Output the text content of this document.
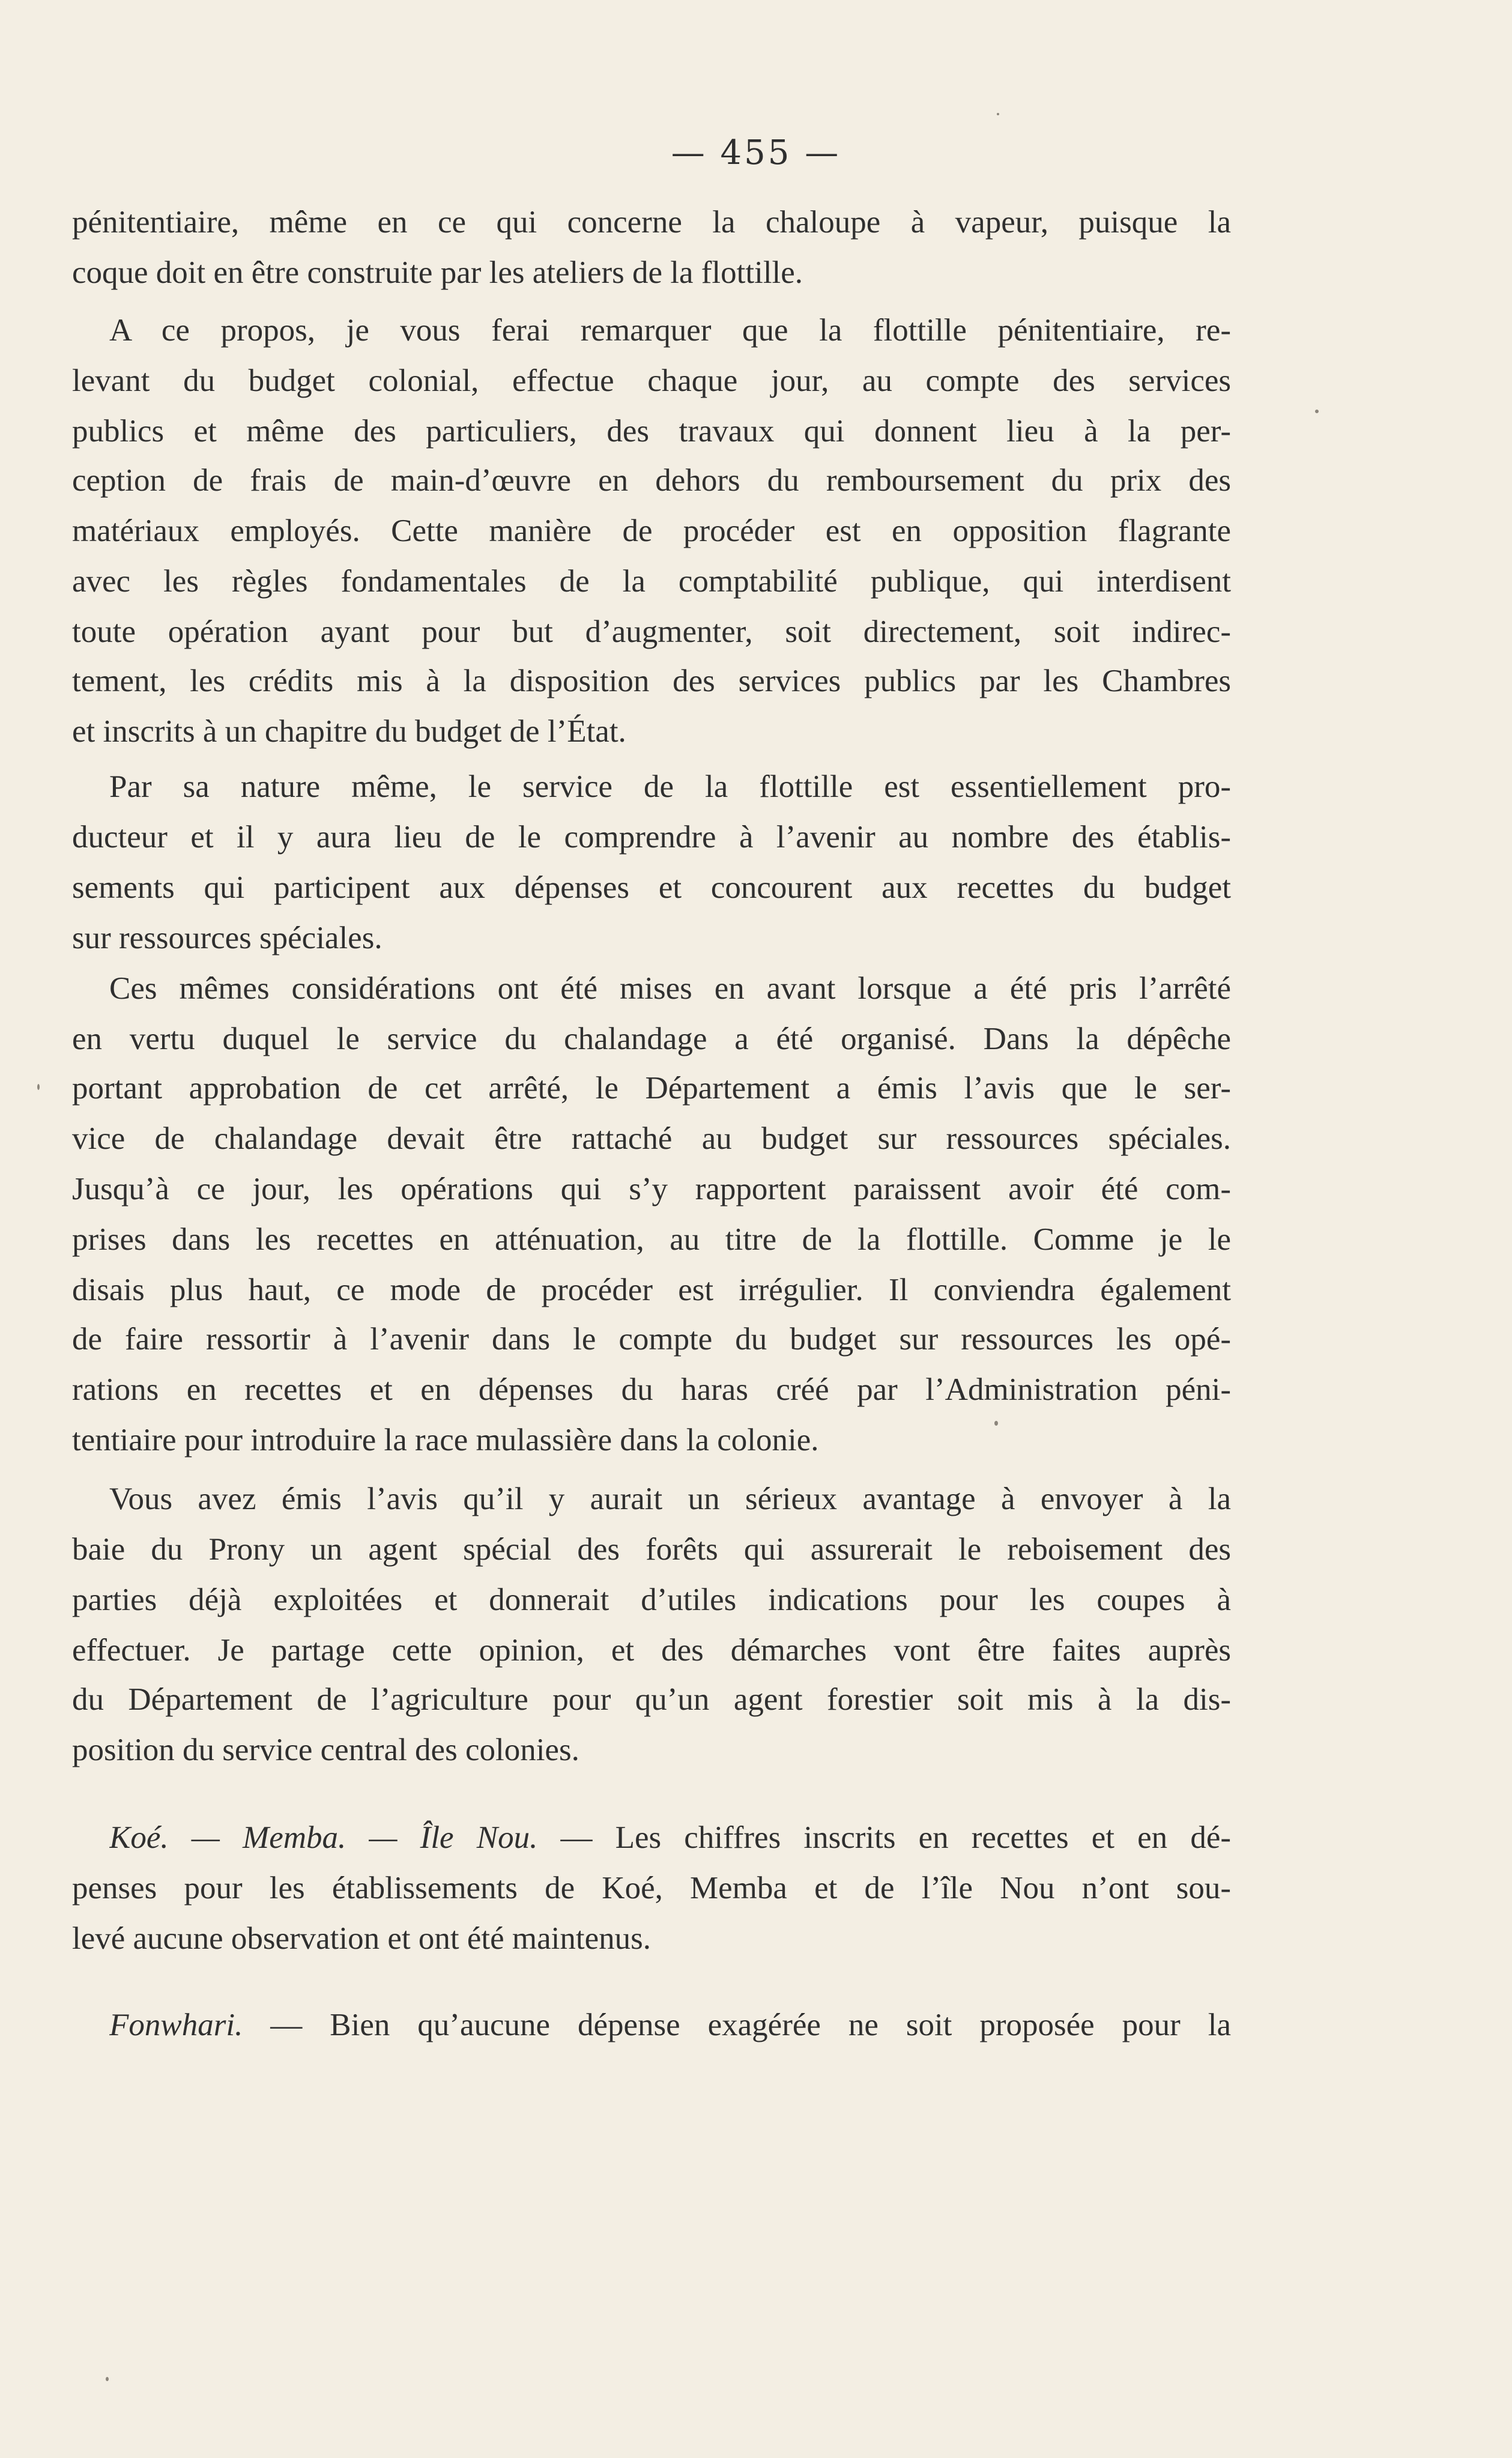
— 455 —
pénitentiaire, même en ce qui concerne la chaloupe à vapeur, puisque la
coque doit en être construite par les ateliers de la flottille.
A ce propos, je vous ferai remarquer que la flottille pénitentiaire, re-
levant du budget colonial, effectue chaque jour, au compte des services
publics et même des particuliers, des travaux qui donnent lieu à la per-
ception de frais de main-d’œuvre en dehors du remboursement du prix des
matériaux employés. Cette manière de procéder est en opposition flagrante
avec les règles fondamentales de la comptabilité publique, qui interdisent
toute opération ayant pour but d’augmenter, soit directement, soit indirec-
tement, les crédits mis à la disposition des services publics par les Chambres
et inscrits à un chapitre du budget de l’État.
Par sa nature même, le service de la flottille est essentiellement pro-
ducteur et il y aura lieu de le comprendre à l’avenir au nombre des établis-
sements qui participent aux dépenses et concourent aux recettes du budget
sur ressources spéciales.
Ces mêmes considérations ont été mises en avant lorsque a été pris l’arrêté
en vertu duquel le service du chalandage a été organisé. Dans la dépêche
portant approbation de cet arrêté, le Département a émis l’avis que le ser-
vice de chalandage devait être rattaché au budget sur ressources spéciales.
Jusqu’à ce jour, les opérations qui s’y rapportent paraissent avoir été com-
prises dans les recettes en atténuation, au titre de la flottille. Comme je le
disais plus haut, ce mode de procéder est irrégulier. Il conviendra également
de faire ressortir à l’avenir dans le compte du budget sur ressources les opé-
rations en recettes et en dépenses du haras créé par l’Administration péni-
tentiaire pour introduire la race mulassière dans la colonie.
Vous avez émis l’avis qu’il y aurait un sérieux avantage à envoyer à la
baie du Prony un agent spécial des forêts qui assurerait le reboisement des
parties déjà exploitées et donnerait d’utiles indications pour les coupes à
effectuer. Je partage cette opinion, et des démarches vont être faites auprès
du Département de l’agriculture pour qu’un agent forestier soit mis à la dis-
position du service central des colonies.
Koé. — Memba. — Île Nou. — Les chiffres inscrits en recettes et en dé-
penses pour les établissements de Koé, Memba et de l’île Nou n’ont sou-
levé aucune observation et ont été maintenus.
Fonwhari. — Bien qu’aucune dépense exagérée ne soit proposée pour la
